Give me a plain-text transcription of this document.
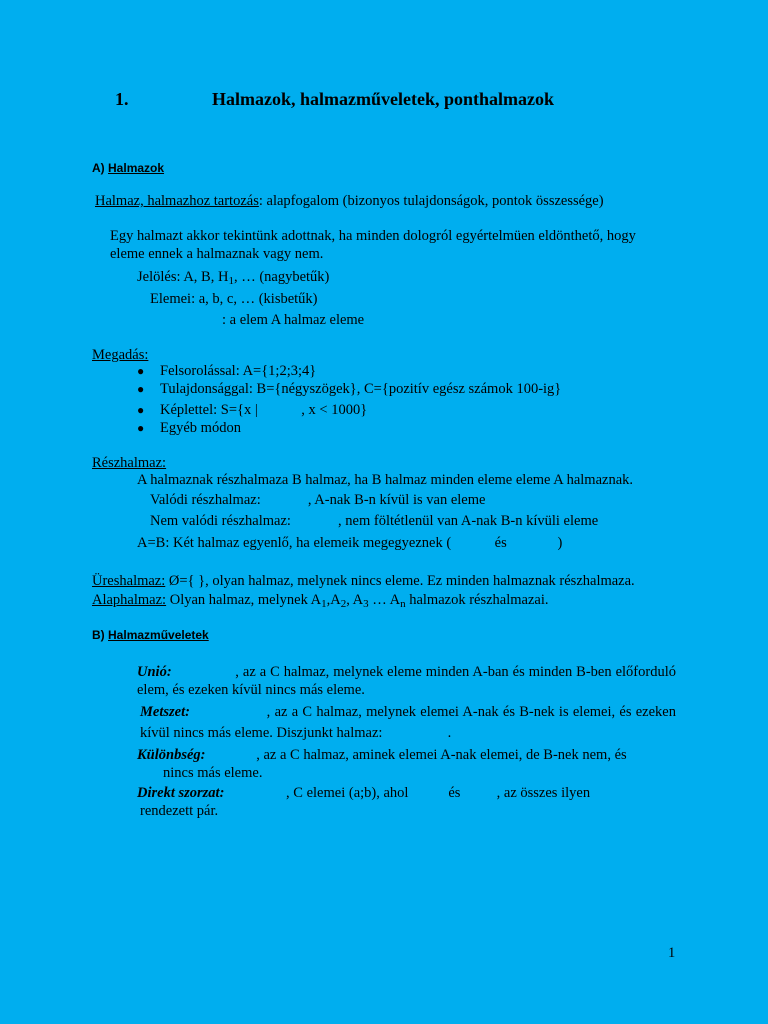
1.	Halmazok, halmazműveletek, ponthalmazok
A) Halmazok
Halmaz, halmazhoz tartozás: alapfogalom (bizonyos tulajdonságok, pontok összessége)
Egy halmazt akkor tekintünk adottnak, ha minden dologról egyértelmüen eldönthető, hogy
eleme ennek a halmaznak vagy nem.
Jelölés: A, B, $H_1$, … (nagybetűk)
Elemei: a, b, c, … (kisbetűk)
: a elem A halmaz eleme
Megadás:
● Felsorolással: A={1;2;3;4}
● Tulajdonsággal: B={négyszögek}, C={pozitív egész számok 100-ig}
● Képlettel: S={x |            , x < 1000}
● Egyéb módon
Részhalmaz:
A halmaznak részhalmaza B halmaz, ha B halmaz minden eleme eleme A halmaznak.
Valódi részhalmaz:             , A-nak B-n kívül is van eleme
Nem valódi részhalmaz:             , nem föltétlenül van A-nak B-n kívüli eleme
A=B: Két halmaz egyenlő, ha elemeik megegyeznek (            és              )
Üreshalmaz: Ø={ }, olyan halmaz, melynek nincs eleme. Ez minden halmaznak részhalmaza.
Alaphalmaz: Olyan halmaz, melynek $A_1,A_2$, $A_3$ … $A_n$ halmazok részhalmazai.
B) Halmazműveletek
Unió:                , az a C halmaz, melynek eleme minden A-ban és minden B-ben előforduló elem, és ezeken kívül nincs más eleme.
Metszet:                  , az a C halmaz, melynek elemei A-nak és B-nek is elemei, és ezeken kívül nincs más eleme. Diszjunkt halmaz:                  .
Különbség:              , az a C halmaz, aminek elemei A-nak elemei, de B-nek nem, és
nincs más eleme.
Direkt szorzat:                 , C elemei (a;b), ahol           és          , az összes ilyen
rendezett pár.
1
